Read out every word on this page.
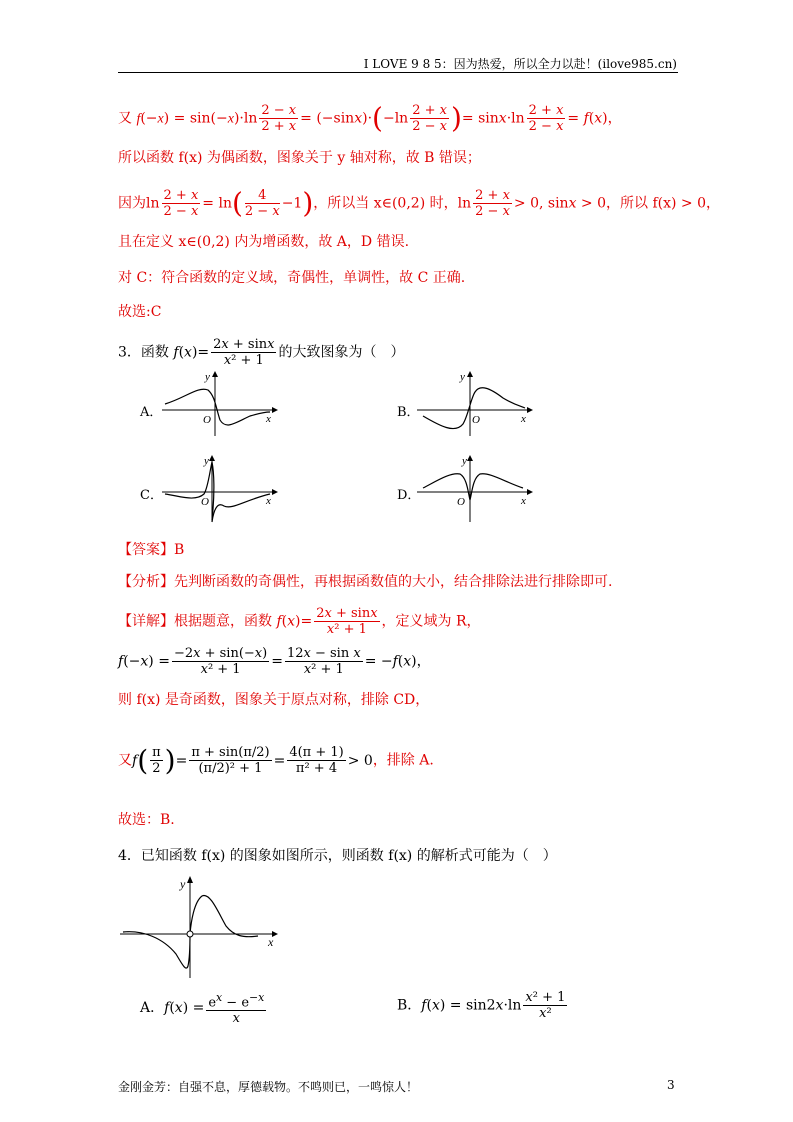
I LOVE 9 8 5：因为热爱，所以全力以赴！(ilove985.cn)
又 $f(-x) = \sin(-x)\cdot\ln \frac{2 - x}{2 + x} = (-\sin x)\cdot(-\ln \frac{2 + x}{2 - x}$ )= $\sin x\cdot\ln \frac{2 + x}{2 - x} = f(x)$，
所以函数 f(x) 为偶函数，图象关于 y 轴对称，故 B 错误；
因为$\ln \frac{2 + x}{2 - x} = \ln( \frac{4}{2 - x} -1)$，所以当 x∈(0,2) 时，$\ln \frac{2 + x}{2 - x} > 0$, sinx > 0，所以 f(x) > 0，
且在定义 x∈(0,2) 内为增函数，故 A，D 错误.
对 C：符合函数的定义域，奇偶性，单调性，故 C 正确.
故选:C
3．函数 $f(x)= \frac{2x + \sin x}{\text{x² + 1}}$ 的大致图象为（　）
A．
y
x
O	B．
y
x
O
C．
y
x
O	D．
y
x
O
【答案】B
【分析】先判断函数的奇偶性，再根据函数值的大小，结合排除法进行排除即可.
【详解】根据题意，函数 $f(x)= \frac{2x + \sin x}{\text{x² + 1}}$ ，定义域为 R，
$f(-x) = \frac{-2x + \sin(-x)}{\text{x² + 1}} = \frac{\text{12x − sin x}}{\text{x² + 1}} = -f(x)$，
则 f(x) 是奇函数，图象关于原点对称，排除 CD，
又$f( \frac{\pi}{2}$ )= $\frac{\pi + \sin(\pi/2)}{\text{(π/2)² + 1}} = \frac{4(\pi + 1)}{\text{π² + 4}} > 0$，排除 A.
故选：B.
4．已知函数 f(x) 的图象如图所示，则函数 f(x) 的解析式可能为（　）
y
x
A．$f(x) = \frac{e^x - e^{-x}}{x}$	B．$f(x) = \sin 2x\cdot\ln \frac{\text{x² + 1}}{\text{x²}}$
金刚金芳：自强不息，厚德载物。不鸣则已，一鸣惊人！	3
